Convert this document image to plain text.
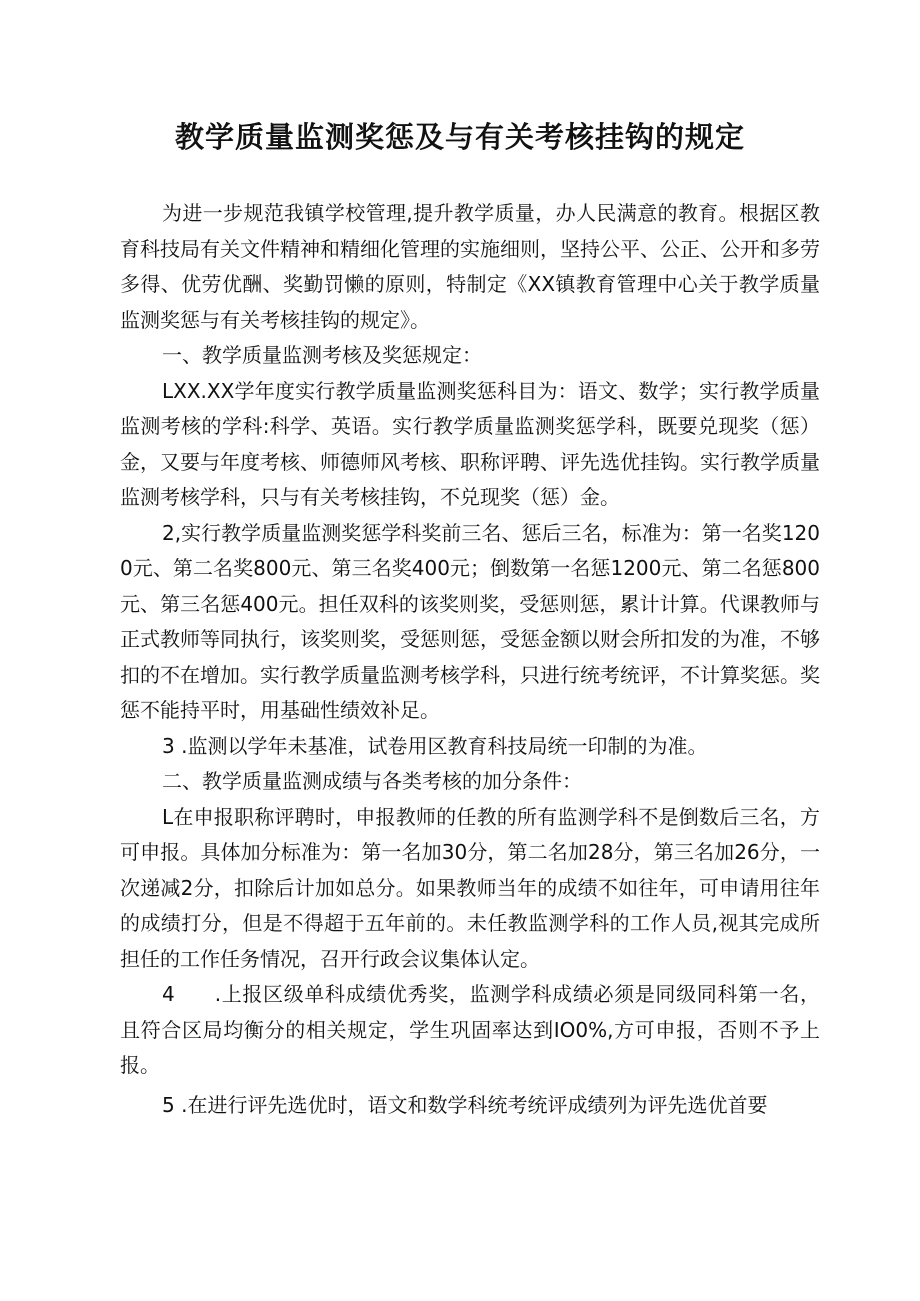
教学质量监测奖惩及与有关考核挂钩的规定

为进一步规范我镇学校管理,提升教学质量，办人民满意的教育。根据区教育科技局有关文件精神和精细化管理的实施细则，坚持公平、公正、公开和多劳多得、优劳优酬、奖勤罚懒的原则，特制定《XX镇教育管理中心关于教学质量监测奖惩与有关考核挂钩的规定》。

一、教学质量监测考核及奖惩规定：

LXX.XX学年度实行教学质量监测奖惩科目为：语文、数学；实行教学质量监测考核的学科:科学、英语。实行教学质量监测奖惩学科，既要兑现奖（惩）金，又要与年度考核、师德师风考核、职称评聘、评先选优挂钩。实行教学质量监测考核学科，只与有关考核挂钩，不兑现奖（惩）金。

2,实行教学质量监测奖惩学科奖前三名、惩后三名，标准为：第一名奖1200元、第二名奖800元、第三名奖400元；倒数第一名惩1200元、第二名惩800元、第三名惩400元。担任双科的该奖则奖，受惩则惩，累计计算。代课教师与正式教师等同执行，该奖则奖，受惩则惩，受惩金额以财会所扣发的为准，不够扣的不在增加。实行教学质量监测考核学科，只进行统考统评，不计算奖惩。奖惩不能持平时，用基础性绩效补足。

3 .监测以学年未基准，试卷用区教育科技局统一印制的为准。

二、教学质量监测成绩与各类考核的加分条件：

L在申报职称评聘时，申报教师的任教的所有监测学科不是倒数后三名，方可申报。具体加分标准为：第一名加30分，第二名加28分，第三名加26分，一次递减2分，扣除后计加如总分。如果教师当年的成绩不如往年，可申请用往年的成绩打分，但是不得超于五年前的。未任教监测学科的工作人员,视其完成所担任的工作任务情况，召开行政会议集体认定。

4 .上报区级单科成绩优秀奖，监测学科成绩必须是同级同科第一名，且符合区局均衡分的相关规定，学生巩固率达到IO0%,方可申报，否则不予上报。

5 .在进行评先选优时，语文和数学科统考统评成绩列为评先选优首要
